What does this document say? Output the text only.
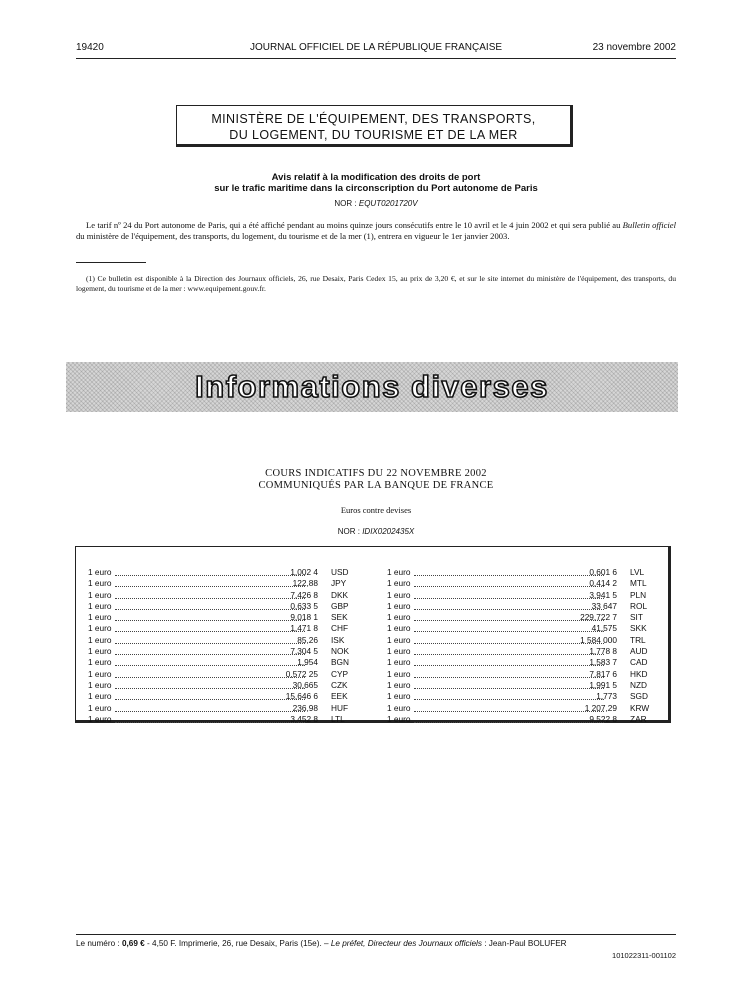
19420	JOURNAL OFFICIEL DE LA RÉPUBLIQUE FRANÇAISE	23 novembre 2002
MINISTÈRE DE L'ÉQUIPEMENT, DES TRANSPORTS,
DU LOGEMENT, DU TOURISME ET DE LA MER
Avis relatif à la modification des droits de port
sur le trafic maritime dans la circonscription du Port autonome de Paris
NOR : EQUT0201720V
Le tarif nº 24 du Port autonome de Paris, qui a été affiché pendant au moins quinze jours consécutifs entre le 10 avril et le 4 juin 2002 et qui sera publié au Bulletin officiel du ministère de l'équipement, des transports, du logement, du tourisme et de la mer (1), entrera en vigueur le 1er janvier 2003.
(1) Ce bulletin est disponible à la Direction des Journaux officiels, 26, rue Desaix, Paris Cedex 15, au prix de 3,20 €, et sur le site internet du ministère de l'équipement, des transports, du logement, du tourisme et de la mer : www.equipement.gouv.fr.
Informations diverses
COURS INDICATIFS DU 22 NOVEMBRE 2002
COMMUNIQUÉS PAR LA BANQUE DE FRANCE
Euros contre devises
NOR : IDIX0202435X
1 euro	1,002 4 USD
1 euro	122,88 JPY
1 euro	7,426 8 DKK
1 euro	0,633 5 GBP
1 euro	9,018 1 SEK
1 euro	1,471 8 CHF
1 euro	85,26 ISK
1 euro	7,304 5 NOK
1 euro	1,954 BGN
1 euro	0,572 25 CYP
1 euro	30,665 CZK
1 euro	15,646 6 EEK
1 euro	236,98 HUF
1 euro	3,452 8 LTL
1 euro	0,601 6 LVL
1 euro	0,414 2 MTL
1 euro	3,941 5 PLN
1 euro	33 647 ROL
1 euro	229,722 7 SIT
1 euro	41,575 SKK
1 euro	1 584 000 TRL
1 euro	1,778 8 AUD
1 euro	1,583 7 CAD
1 euro	7,817 6 HKD
1 euro	1,991 5 NZD
1 euro	1,773 SGD
1 euro	1 207,29 KRW
1 euro	9,522 8 ZAR
Le numéro : 0,69 € - 4,50 F. Imprimerie, 26, rue Desaix, Paris (15e). – Le préfet, Directeur des Journaux officiels : Jean-Paul BOLUFER
101022311-001102
